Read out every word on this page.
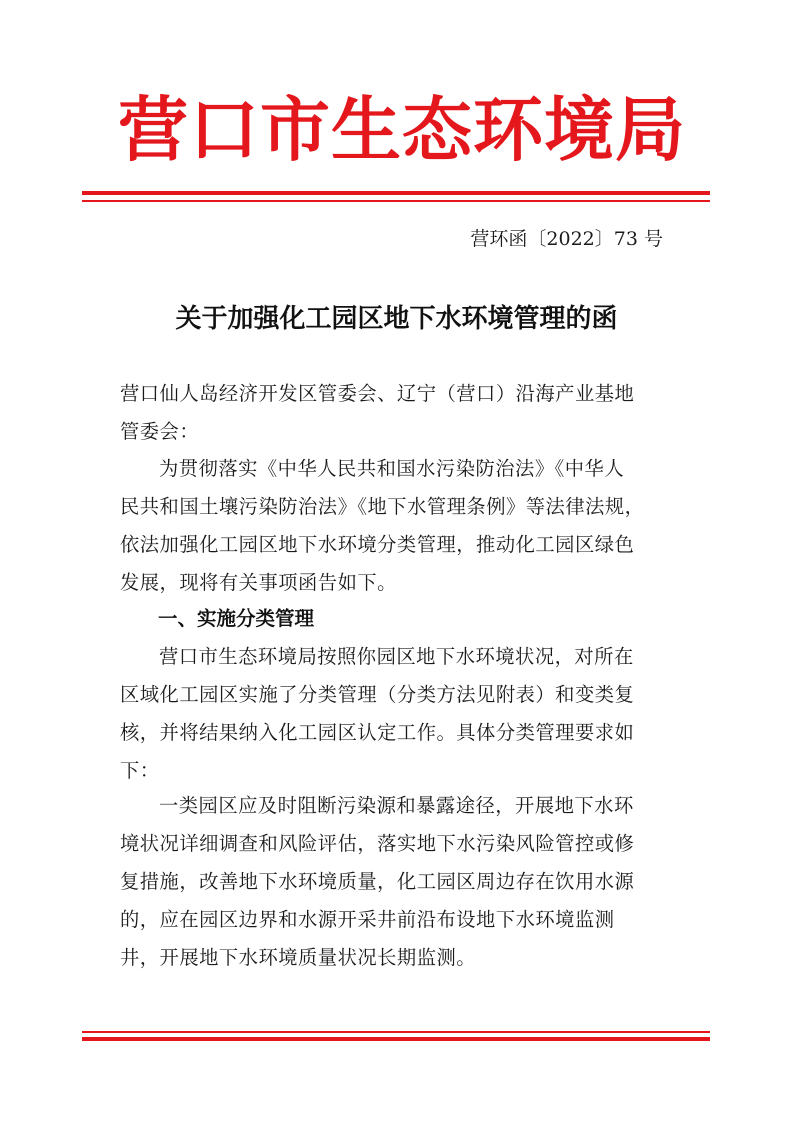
营口市生态环境局
营环函〔2022〕73 号
关于加强化工园区地下水环境管理的函
营口仙人岛经济开发区管委会、辽宁（营口）沿海产业基地
管委会：
为贯彻落实《中华人民共和国水污染防治法》《中华人
民共和国土壤污染防治法》《地下水管理条例》等法律法规，
依法加强化工园区地下水环境分类管理，推动化工园区绿色
发展，现将有关事项函告如下。
一、实施分类管理
营口市生态环境局按照你园区地下水环境状况，对所在
区域化工园区实施了分类管理（分类方法见附表）和变类复
核，并将结果纳入化工园区认定工作。具体分类管理要求如
下：
一类园区应及时阻断污染源和暴露途径，开展地下水环
境状况详细调查和风险评估，落实地下水污染风险管控或修
复措施，改善地下水环境质量，化工园区周边存在饮用水源
的，应在园区边界和水源开采井前沿布设地下水环境监测
井，开展地下水环境质量状况长期监测。
